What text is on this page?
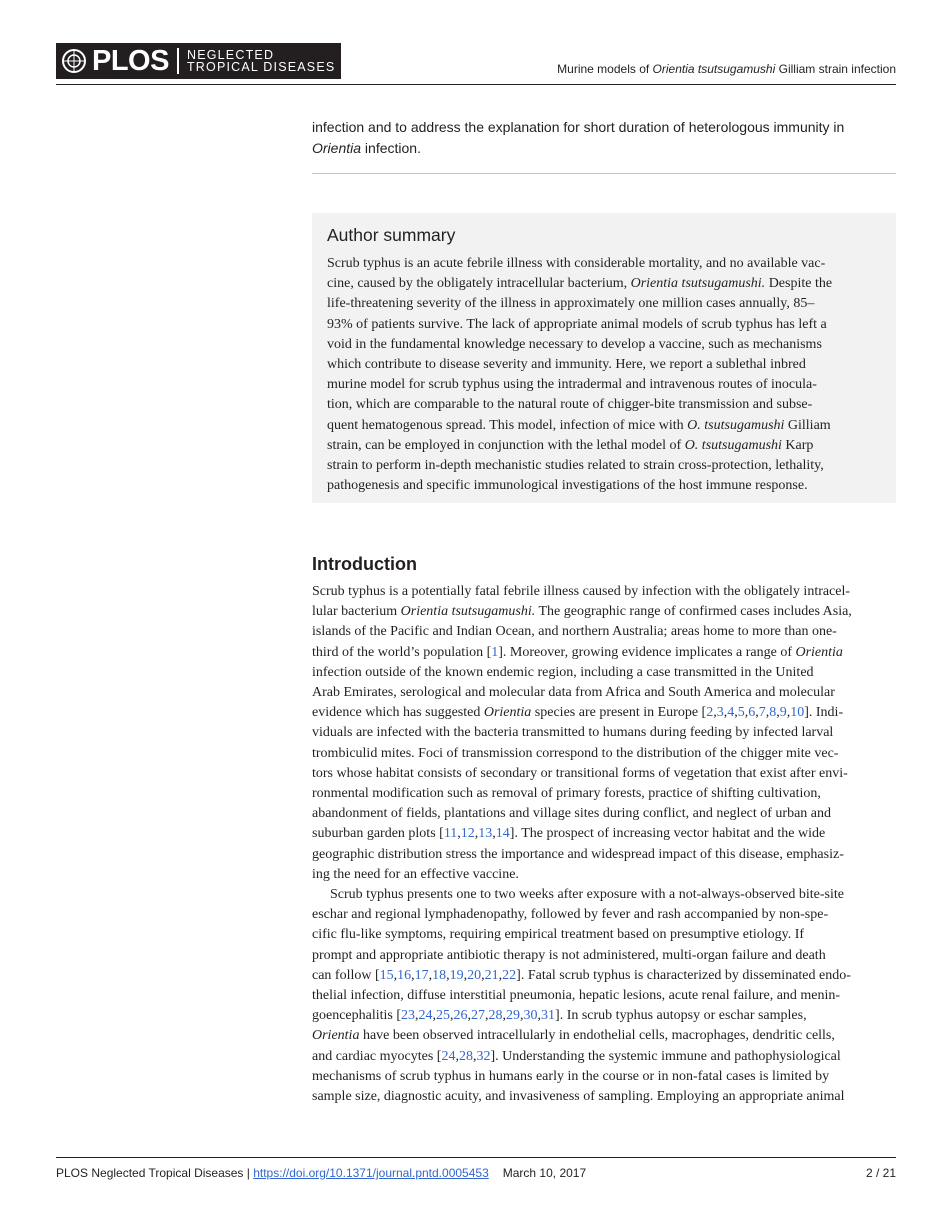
PLOS NEGLECTED
TROPICAL DISEASES	Murine models of Orientia tsutsugamushi Gilliam strain infection
infection and to address the explanation for short duration of heterologous immunity in
Orientia infection.
Author summary
Scrub typhus is an acute febrile illness with considerable mortality, and no available vac-
cine, caused by the obligately intracellular bacterium, Orientia tsutsugamushi. Despite the
life-threatening severity of the illness in approximately one million cases annually, 85–
93% of patients survive. The lack of appropriate animal models of scrub typhus has left a
void in the fundamental knowledge necessary to develop a vaccine, such as mechanisms
which contribute to disease severity and immunity. Here, we report a sublethal inbred
murine model for scrub typhus using the intradermal and intravenous routes of inocula-
tion, which are comparable to the natural route of chigger-bite transmission and subse-
quent hematogenous spread. This model, infection of mice with O. tsutsugamushi Gilliam
strain, can be employed in conjunction with the lethal model of O. tsutsugamushi Karp
strain to perform in-depth mechanistic studies related to strain cross-protection, lethality,
pathogenesis and specific immunological investigations of the host immune response.
Introduction

Scrub typhus is a potentially fatal febrile illness caused by infection with the obligately intracel-
lular bacterium Orientia tsutsugamushi. The geographic range of confirmed cases includes Asia,
islands of the Pacific and Indian Ocean, and northern Australia; areas home to more than one-
third of the world’s population [1]. Moreover, growing evidence implicates a range of Orientia
infection outside of the known endemic region, including a case transmitted in the United
Arab Emirates, serological and molecular data from Africa and South America and molecular
evidence which has suggested Orientia species are present in Europe [2,3,4,5,6,7,8,9,10]. Indi-
viduals are infected with the bacteria transmitted to humans during feeding by infected larval
trombiculid mites. Foci of transmission correspond to the distribution of the chigger mite vec-
tors whose habitat consists of secondary or transitional forms of vegetation that exist after envi-
ronmental modification such as removal of primary forests, practice of shifting cultivation,
abandonment of fields, plantations and village sites during conflict, and neglect of urban and
suburban garden plots [11,12,13,14]. The prospect of increasing vector habitat and the wide
geographic distribution stress the importance and widespread impact of this disease, emphasiz-
ing the need for an effective vaccine.

Scrub typhus presents one to two weeks after exposure with a not-always-observed bite-site
eschar and regional lymphadenopathy, followed by fever and rash accompanied by non-spe-
cific flu-like symptoms, requiring empirical treatment based on presumptive etiology. If
prompt and appropriate antibiotic therapy is not administered, multi-organ failure and death
can follow [15,16,17,18,19,20,21,22]. Fatal scrub typhus is characterized by disseminated endo-
thelial infection, diffuse interstitial pneumonia, hepatic lesions, acute renal failure, and menin-
goencephalitis [23,24,25,26,27,28,29,30,31]. In scrub typhus autopsy or eschar samples,
Orientia have been observed intracellularly in endothelial cells, macrophages, dendritic cells,
and cardiac myocytes [24,28,32]. Understanding the systemic immune and pathophysiological
mechanisms of scrub typhus in humans early in the course or in non-fatal cases is limited by
sample size, diagnostic acuity, and invasiveness of sampling. Employing an appropriate animal

PLOS Neglected Tropical Diseases | https://doi.org/10.1371/journal.pntd.0005453 March 10, 2017	2 / 21
